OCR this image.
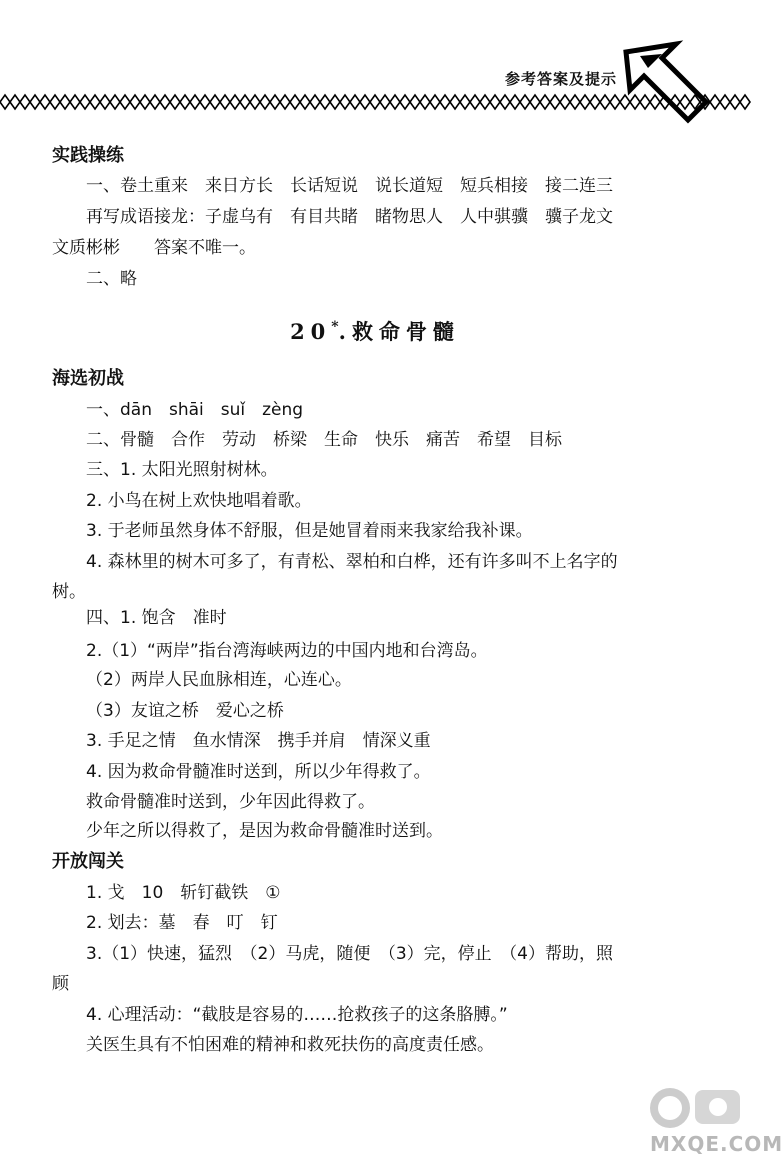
参考答案及提示
实践操练
一、卷土重来　来日方长　长话短说　说长道短　短兵相接　接二连三
再写成语接龙：子虚乌有　有目共睹　睹物思人　人中骐骥　骥子龙文
文质彬彬　　答案不唯一。
二、略
20*.救命骨髓
海选初战
一、dān　shāi　suǐ　zèng
二、骨髓　合作　劳动　桥梁　生命　快乐　痛苦　希望　目标
三、1. 太阳光照射树林。
2. 小鸟在树上欢快地唱着歌。
3. 于老师虽然身体不舒服，但是她冒着雨来我家给我补课。
4. 森林里的树木可多了，有青松、翠柏和白桦，还有许多叫不上名字的
树。
四、1. 饱含　准时
2.（1）“两岸”指台湾海峡两边的中国内地和台湾岛。
（2）两岸人民血脉相连，心连心。
（3）友谊之桥　爱心之桥
3. 手足之情　鱼水情深　携手并肩　情深义重
4. 因为救命骨髓准时送到，所以少年得救了。
救命骨髓准时送到，少年因此得救了。
少年之所以得救了，是因为救命骨髓准时送到。
开放闯关
1. 戈　10　斩钉截铁　①
2. 划去：墓　春　叮　钉
3.（1）快速，猛烈　（2）马虎，随便　（3）完，停止　（4）帮助，照
顾
4. 心理活动：“截肢是容易的……抢救孩子的这条胳膊。”
关医生具有不怕困难的精神和救死扶伤的高度责任感。
MXQE.COM
